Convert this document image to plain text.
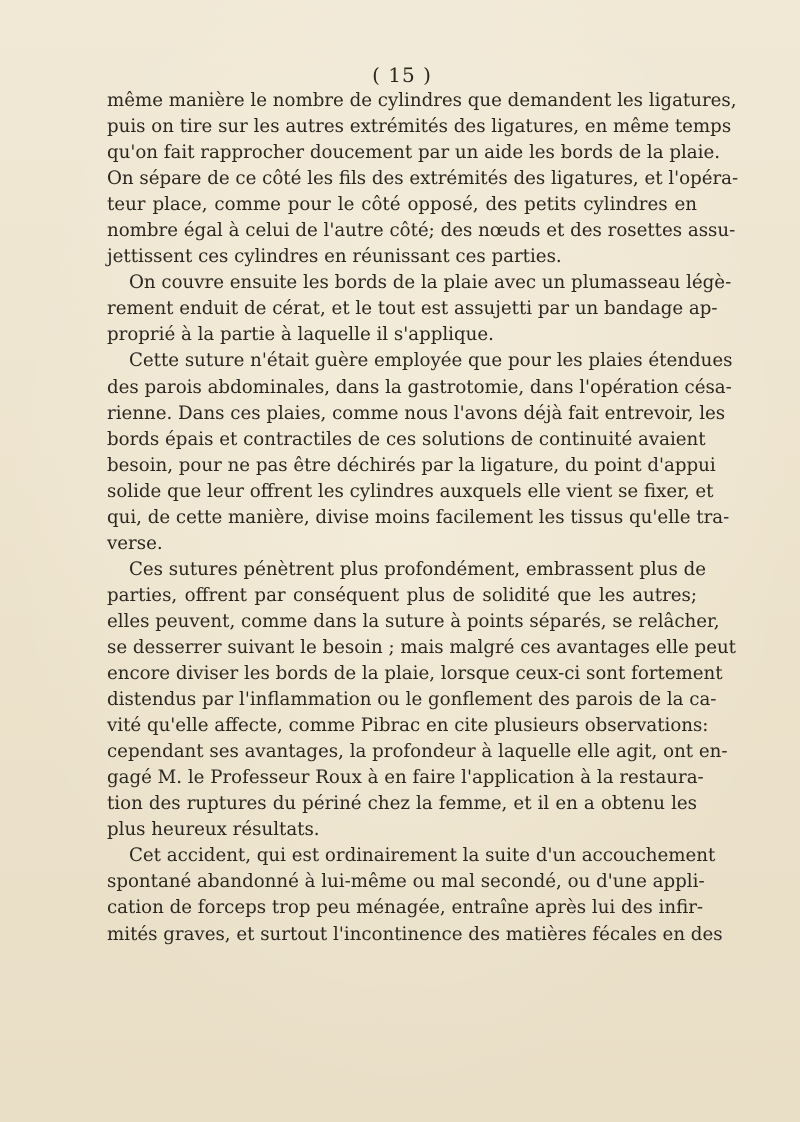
( 15 )
même manière le nombre de cylindres que demandent les ligatures,
puis on tire sur les autres extrémités des ligatures, en même temps
qu'on fait rapprocher doucement par un aide les bords de la plaie.
On sépare de ce côté les fils des extrémités des ligatures, et l'opéra-
teur place, comme pour le côté opposé, des petits cylindres en
nombre égal à celui de l'autre côté; des nœuds et des rosettes assu-
jettissent ces cylindres en réunissant ces parties.
On couvre ensuite les bords de la plaie avec un plumasseau légè-
rement enduit de cérat, et le tout est assujetti par un bandage ap-
proprié à la partie à laquelle il s'applique.
Cette suture n'était guère employée que pour les plaies étendues
des parois abdominales, dans la gastrotomie, dans l'opération césa-
rienne. Dans ces plaies, comme nous l'avons déjà fait entrevoir, les
bords épais et contractiles de ces solutions de continuité avaient
besoin, pour ne pas être déchirés par la ligature, du point d'appui
solide que leur offrent les cylindres auxquels elle vient se fixer, et
qui, de cette manière, divise moins facilement les tissus qu'elle tra-
verse.
Ces sutures pénètrent plus profondément, embrassent plus de
parties, offrent par conséquent plus de solidité que les autres;
elles peuvent, comme dans la suture à points séparés, se relâcher,
se desserrer suivant le besoin ; mais malgré ces avantages elle peut
encore diviser les bords de la plaie, lorsque ceux-ci sont fortement
distendus par l'inflammation ou le gonflement des parois de la ca-
vité qu'elle affecte, comme Pibrac en cite plusieurs observations:
cependant ses avantages, la profondeur à laquelle elle agit, ont en-
gagé M. le Professeur Roux à en faire l'application à la restaura-
tion des ruptures du périné chez la femme, et il en a obtenu les
plus heureux résultats.
Cet accident, qui est ordinairement la suite d'un accouchement
spontané abandonné à lui-même ou mal secondé, ou d'une appli-
cation de forceps trop peu ménagée, entraîne après lui des infir-
mités graves, et surtout l'incontinence des matières fécales en des
